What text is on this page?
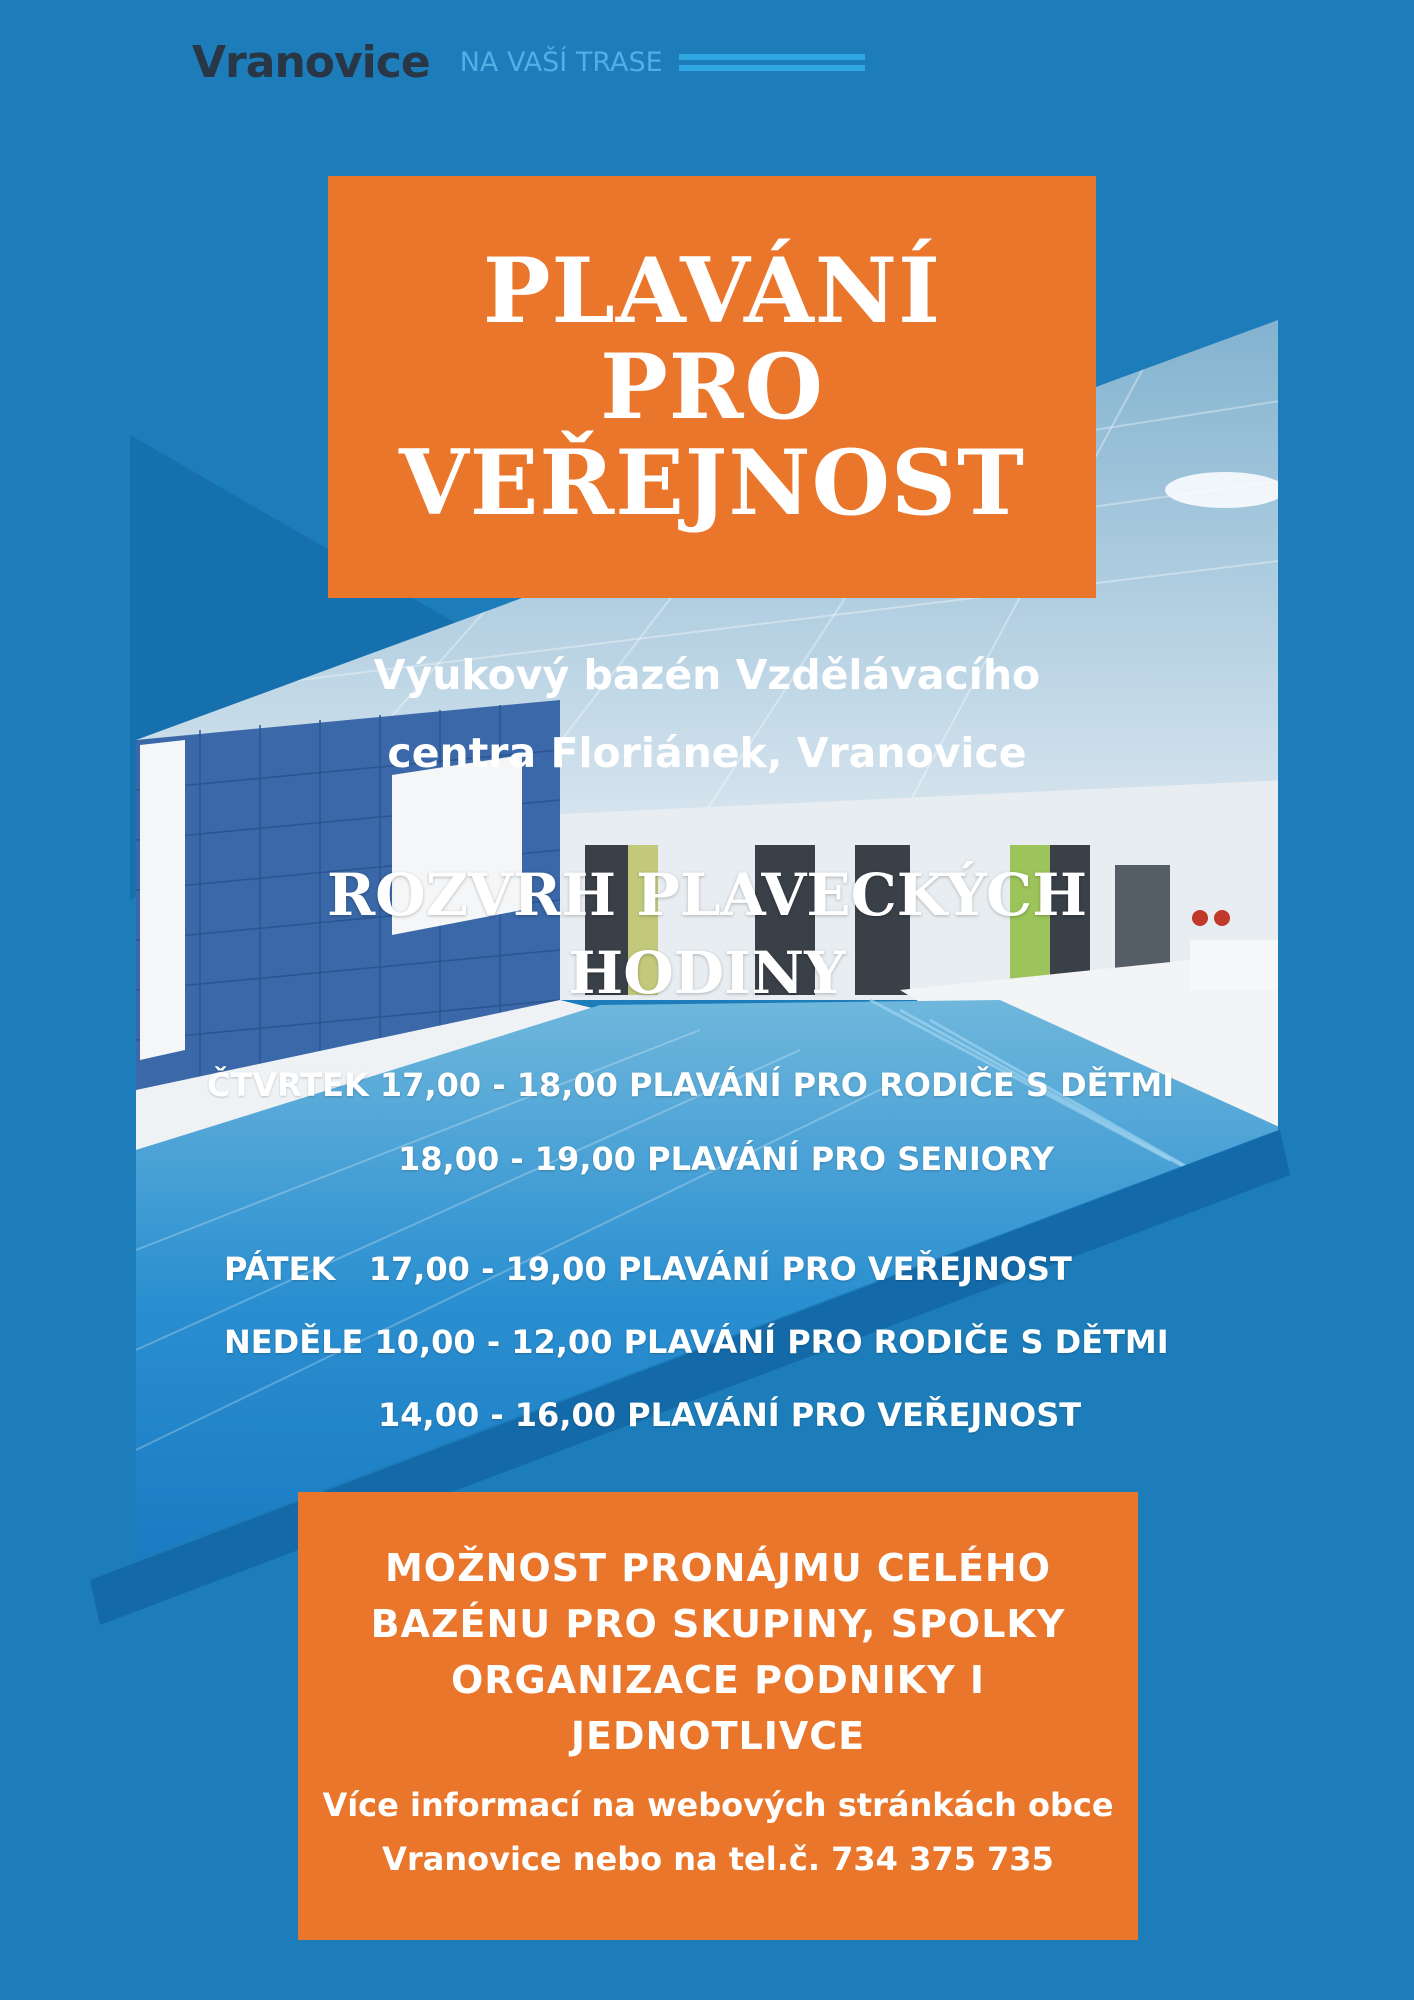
Vranovice NA VAŠÍ TRASE
PLAVÁNÍ
PRO
VEŘEJNOST
Výukový bazén Vzdělávacího
centra Floriánek, Vranovice
ROZVRH PLAVECKÝCH
HODINY
ČTVRTEK 17,00 - 18,00 PLAVÁNÍ PRO RODIČE S DĚTMI
18,00 - 19,00 PLAVÁNÍ PRO SENIORY
PÁTEK   17,00 - 19,00 PLAVÁNÍ PRO VEŘEJNOST
NEDĚLE 10,00 - 12,00 PLAVÁNÍ PRO RODIČE S DĚTMI
14,00 - 16,00 PLAVÁNÍ PRO VEŘEJNOST
MOŽNOST PRONÁJMU CELÉHO
BAZÉNU PRO SKUPINY, SPOLKY
ORGANIZACE PODNIKY I
JEDNOTLIVCE
Více informací na webových stránkách obce
Vranovice nebo na tel.č. 734 375 735
